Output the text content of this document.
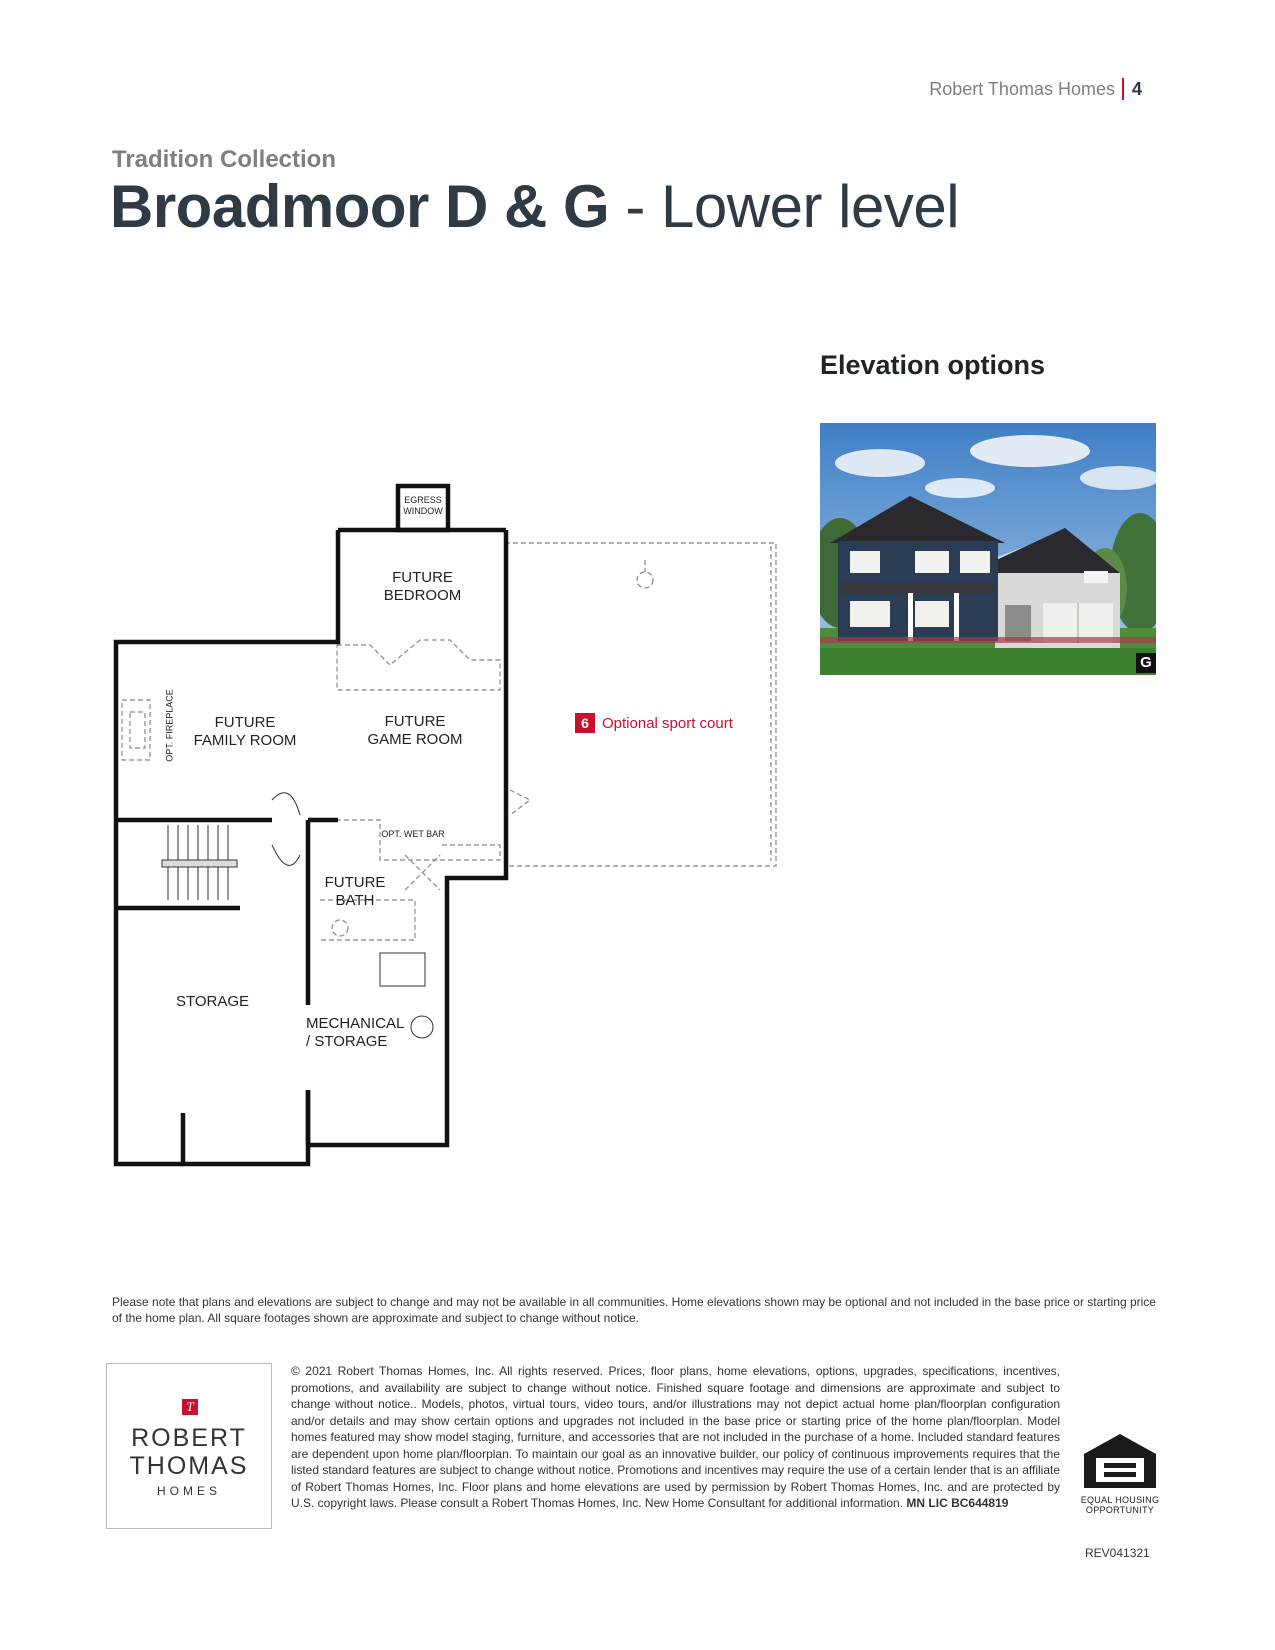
Robert Thomas Homes 4
Tradition Collection
Broadmoor D & G - Lower level
Elevation options
G
EGRESS
WINDOW
FUTURE
BEDROOM
FUTURE
FAMILY ROOM
FUTURE
GAME ROOM
OPT. FIREPLACE
OPT. WET BAR
FUTURE
BATH
STORAGE
MECHANICAL
/ STORAGE
6 Optional sport court
Please note that plans and elevations are subject to change and may not be available in all communities. Home elevations shown may be optional and not included in the base price or starting price of the home plan. All square footages shown are approximate and subject to change without notice.
T
ROBERT
THOMAS
HOMES
© 2021 Robert Thomas Homes, Inc. All rights reserved. Prices, floor plans, home elevations, options, upgrades, specifications, incentives, promotions, and availability are subject to change without notice. Finished square footage and dimensions are approximate and subject to change without notice.. Models, photos, virtual tours, video tours, and/or illustrations may not depict actual home plan/floorplan configuration and/or details and may show certain options and upgrades not included in the base price or starting price of the home plan/floorplan. Model homes featured may show model staging, furniture, and accessories that are not included in the purchase of a home. Included standard features are dependent upon home plan/floorplan. To maintain our goal as an innovative builder, our policy of continuous improvements requires that the listed standard features are subject to change without notice. Promotions and incentives may require the use of a certain lender that is an affiliate of Robert Thomas Homes, Inc. Floor plans and home elevations are used by permission by Robert Thomas Homes, Inc. and are protected by U.S. copyright laws. Please consult a Robert Thomas Homes, Inc. New Home Consultant for additional information. MN LIC BC644819	EQUAL HOUSING
OPPORTUNITY
REV041321
